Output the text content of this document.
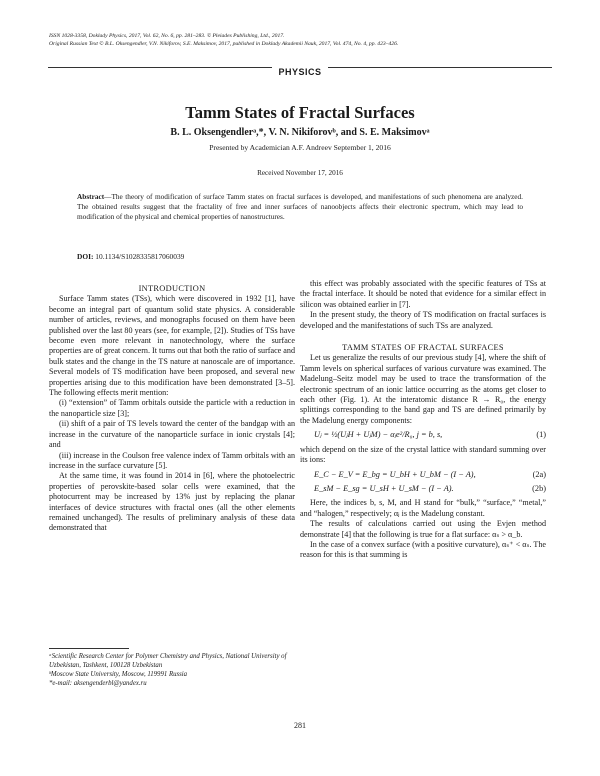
ISSN 1028-3358, Doklady Physics, 2017, Vol. 62, No. 6, pp. 281–283. © Pleiades Publishing, Ltd., 2017.
Original Russian Text © B.L. Oksengendler, V.N. Nikiforov, S.E. Maksimov, 2017, published in Doklady Akademii Nauk, 2017, Vol. 474, No. 4, pp. 423–426.
PHYSICS
Tamm States of Fractal Surfaces
B. L. Oksengendlerᵃ,*, V. N. Nikiforovᵇ, and S. E. Maksimovᵃ
Presented by Academician A.F. Andreev September 1, 2016
Received November 17, 2016
Abstract—The theory of modification of surface Tamm states on fractal surfaces is developed, and manifestations of such phenomena are analyzed. The obtained results suggest that the fractality of free and inner surfaces of nanoobjects affects their electronic spectrum, which may lead to modification of the physical and chemical properties of nanostructures.
DOI: 10.1134/S1028335817060039

INTRODUCTION

Surface Tamm states (TSs), which were discovered in 1932 [1], have become an integral part of quantum solid state physics. A considerable number of articles, reviews, and monographs focused on them have been published over the last 80 years (see, for example, [2]). Studies of TSs have become even more relevant in nanotechnology, where the surface properties are of great concern. It turns out that both the ratio of surface and bulk states and the change in the TS nature at nanoscale are of importance. Several models of TS modification have been proposed, and several new properties arising due to this modification have been demonstrated [3–5]. The following effects merit mention:

(i) “extension” of Tamm orbitals outside the particle with a reduction in the nanoparticle size [3];

(ii) shift of a pair of TS levels toward the center of the bandgap with an increase in the curvature of the nanoparticle surface in ionic crystals [4]; and

(iii) increase in the Coulson free valence index of Tamm orbitals with an increase in the surface curvature [5].

At the same time, it was found in 2014 in [6], where the photoelectric properties of perovskite-based solar cells were examined, that the photocurrent may be increased by 13% just by replacing the planar interfaces of device structures with fractal ones (all the other elements remained unchanged). The results of preliminary analysis of these data demonstrated that

this effect was probably associated with the specific features of TSs at the fractal interface. It should be noted that evidence for a similar effect in silicon was obtained earlier in [7].

In the present study, the theory of TS modification on fractal surfaces is developed and the manifestations of such TSs are analyzed.

TAMM STATES OF FRACTAL SURFACES

Let us generalize the results of our previous study [4], where the shift of Tamm levels on spherical surfaces of various curvature was examined. The Madelung–Seitz model may be used to trace the transformation of the electronic spectrum of an ionic lattice occurring as the atoms get closer to each other (Fig. 1). At the interatomic distance R → R₀, the energy splittings corresponding to the band gap and TS are defined primarily by the Madelung energy components:

Uⱼ = ½(UⱼH + UⱼM) − αⱼe²/R₀, j = b, s,	(1)

which depend on the size of the crystal lattice with standard summing over its ions:

E_C − E_V = E_bg = U_bH + U_bM − (I − A),	(2a)
E_sM − E_sg = U_sH + U_sM − (I − A).	(2b)

Here, the indices b, s, M, and H stand for “bulk,” “surface,” “metal,” and “halogen,” respectively; αⱼ is the Madelung constant.

The results of calculations carried out using the Evjen method demonstrate [4] that the following is true for a flat surface: αₛ > α_b.

In the case of a convex surface (with a positive curvature), αₛ⁺ < αₛ. The reason for this is that summing is

ᵃScientific Research Center for Polymer Chemistry and Physics, National University of Uzbekistan, Tashkent, 100128 Uzbekistan
ᵇMoscow State University, Moscow, 119991 Russia
*e-mail: aksengenderbl@yandex.ru
281
